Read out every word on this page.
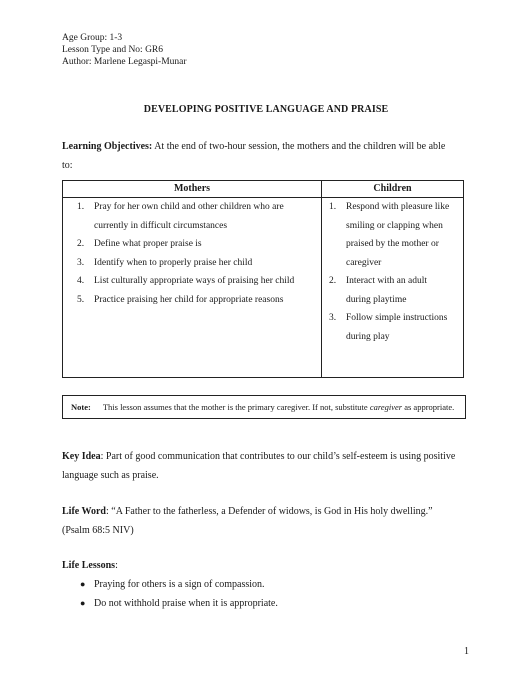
Age Group: 1-3
Lesson Type and No: GR6
Author: Marlene Legaspi-Munar
DEVELOPING POSITIVE LANGUAGE AND PRAISE
Learning Objectives: At the end of two-hour session, the mothers and the children will be able
to:
Mothers	Children
1. Pray for her own child and other children who are
currently in difficult circumstances
2. Define what proper praise is
3. Identify when to properly praise her child
4. List culturally appropriate ways of praising her child
5. Practice praising her child for appropriate reasons
1. Respond with pleasure like
smiling or clapping when
praised by the mother or
caregiver
2. Interact with an adult
during playtime
3. Follow simple instructions
during play
Note: This lesson assumes that the mother is the primary caregiver. If not, substitute caregiver as appropriate.
Key Idea: Part of good communication that contributes to our child’s self-esteem is using positive
language such as praise.
Life Word: “A Father to the fatherless, a Defender of widows, is God in His holy dwelling.”
(Psalm 68:5 NIV)
Life Lessons:
● Praying for others is a sign of compassion.
● Do not withhold praise when it is appropriate.
1
